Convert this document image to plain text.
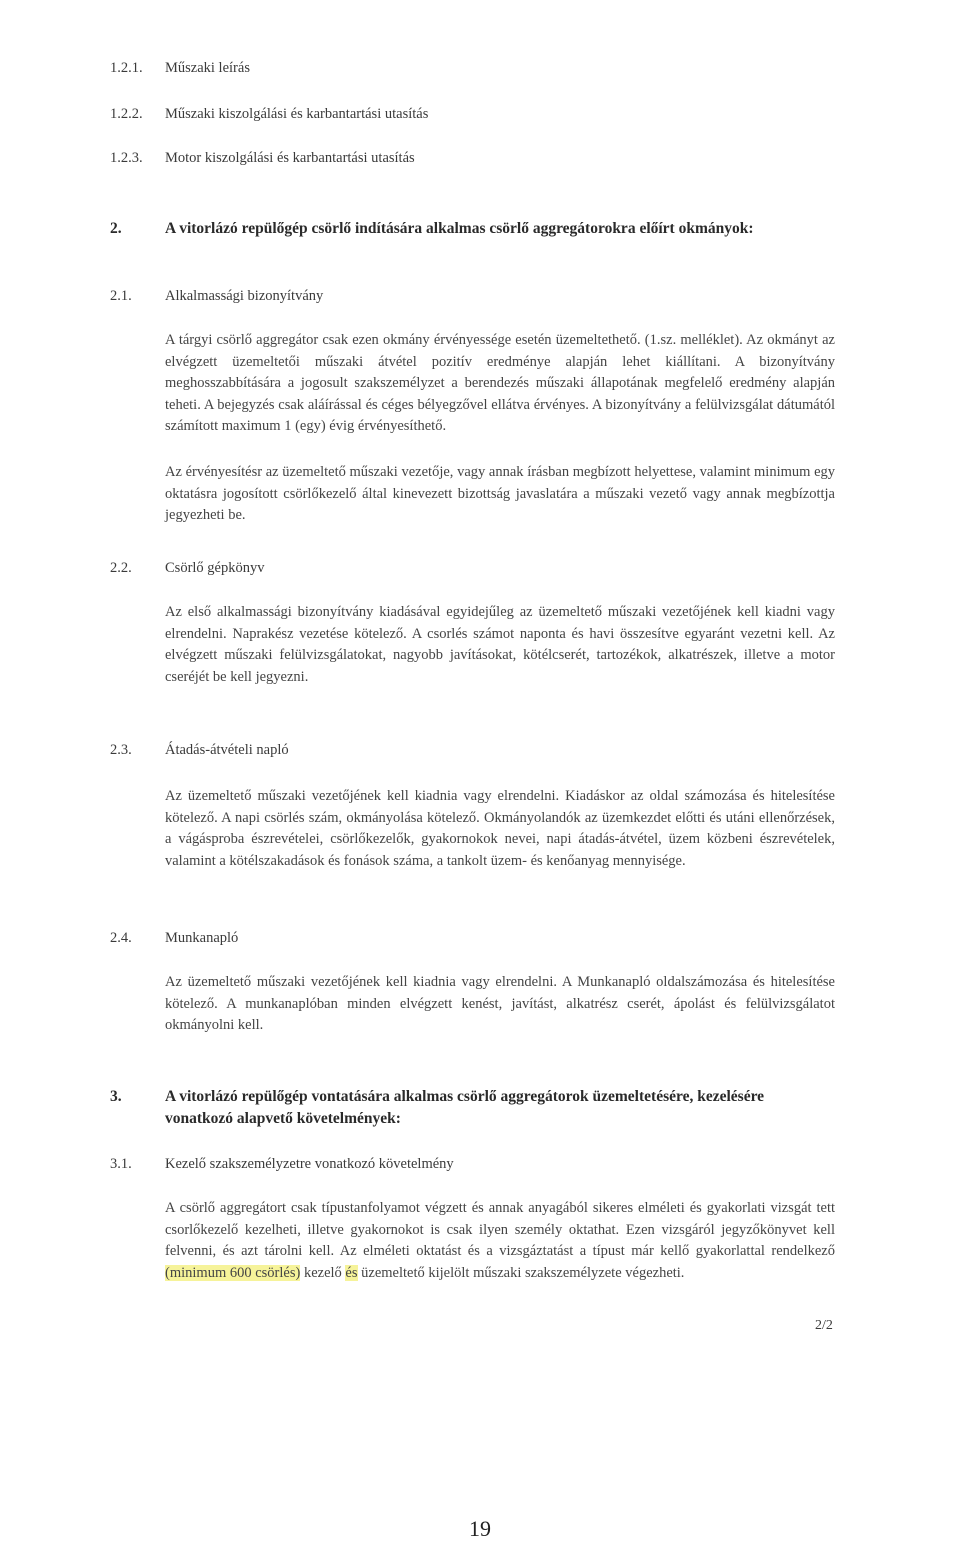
1.2.1. Műszaki leírás
1.2.2. Műszaki kiszolgálási és karbantartási utasítás
1.2.3. Motor kiszolgálási és karbantartási utasítás
2.	A vitorlázó repülőgép csörlő indítására alkalmas csörlő aggregátorokra előírt okmányok:
2.1. Alkalmassági bizonyítvány
A tárgyi csörlő aggregátor csak ezen okmány érvényessége esetén üzemeltethető. (1.sz. melléklet). Az okmányt az elvégzett üzemeltetői műszaki átvétel pozitív eredménye alapján lehet kiállítani. A bizonyítvány meghosszabbítására a jogosult szakszemélyzet a berendezés műszaki állapotának megfelelő eredmény alapján teheti. A bejegyzés csak aláírással és céges bélyegzővel ellátva érvényes. A bizonyítvány a felülvizsgálat dátumától számított maximum 1 (egy) évig érvényesíthető.
Az érvényesítésr az üzemeltető műszaki vezetője, vagy annak írásban megbízott helyettese, valamint minimum egy oktatásra jogosított csörlőkezelő által kinevezett bizottság javaslatára a műszaki vezető vagy annak megbízottja jegyezheti be.
2.2. Csörlő gépkönyv
Az első alkalmassági bizonyítvány kiadásával egyidejűleg az üzemeltető műszaki vezetőjének kell kiadni vagy elrendelni. Naprakész vezetése kötelező. A csorlés számot naponta és havi összesítve egyaránt vezetni kell. Az elvégzett műszaki felülvizsgálatokat, nagyobb javításokat, kötélcserét, tartozékok, alkatrészek, illetve a motor cseréjét be kell jegyezni.
2.3. Átadás-átvételi napló
Az üzemeltető műszaki vezetőjének kell kiadnia vagy elrendelni. Kiadáskor az oldal számozása és hitelesítése kötelező. A napi csörlés szám, okmányolása kötelező. Okmányolandók az üzemkezdet előtti és utáni ellenőrzések, a vágásproba észrevételei, csörlőkezelők, gyakornokok nevei, napi átadás-átvétel, üzem közbeni észrevételek, valamint a kötélszakadások és fonások száma, a tankolt üzem- és kenőanyag mennyisége.
2.4. Munkanapló
Az üzemeltető műszaki vezetőjének kell kiadnia vagy elrendelni. A Munkanapló oldalszámozása és hitelesítése kötelező. A munkanaplóban minden elvégzett kenést, javítást, alkatrész cserét, ápolást és felülvizsgálatot okmányolni kell.
3.	A vitorlázó repülőgép vontatására alkalmas csörlő aggregátorok üzemeltetésére, kezelésére vonatkozó alapvető követelmények:
3.1. Kezelő szakszemélyzetre vonatkozó követelmény
A csörlő aggregátort csak típustanfolyamot végzett és annak anyagából sikeres elméleti és gyakorlati vizsgát tett csorlőkezelő kezelheti, illetve gyakornokot is csak ilyen személy oktathat. Ezen vizsgáról jegyzőkönyvet kell felvenni, és azt tárolni kell. Az elméleti oktatást és a vizsgáztatást a típust már kellő gyakorlattal rendelkező (minimum 600 csörlés) kezelő és üzemeltető kijelölt műszaki szakszemélyzete végezheti.
2/2
19
